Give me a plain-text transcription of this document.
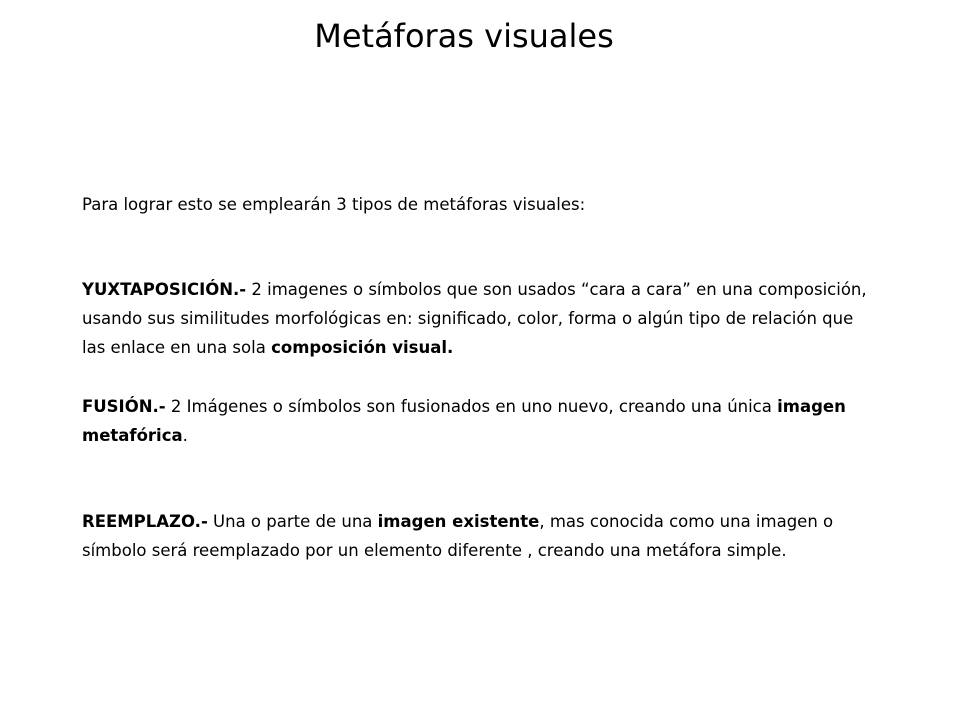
Metáforas visuales

Para lograr esto se emplearán 3 tipos de metáforas visuales:

YUXTAPOSICIÓN.- 2 imagenes o símbolos que son usados “cara a cara” en una composición, usando sus similitudes morfológicas en: significado, color, forma o algún tipo de relación que las enlace en una sola composición visual.

FUSIÓN.- 2 Imágenes o símbolos son fusionados en uno nuevo, creando una única imagen metafórica.

REEMPLAZO.- Una o parte de una imagen existente, mas conocida como una imagen o símbolo será reemplazado por un elemento diferente , creando una metáfora simple.
